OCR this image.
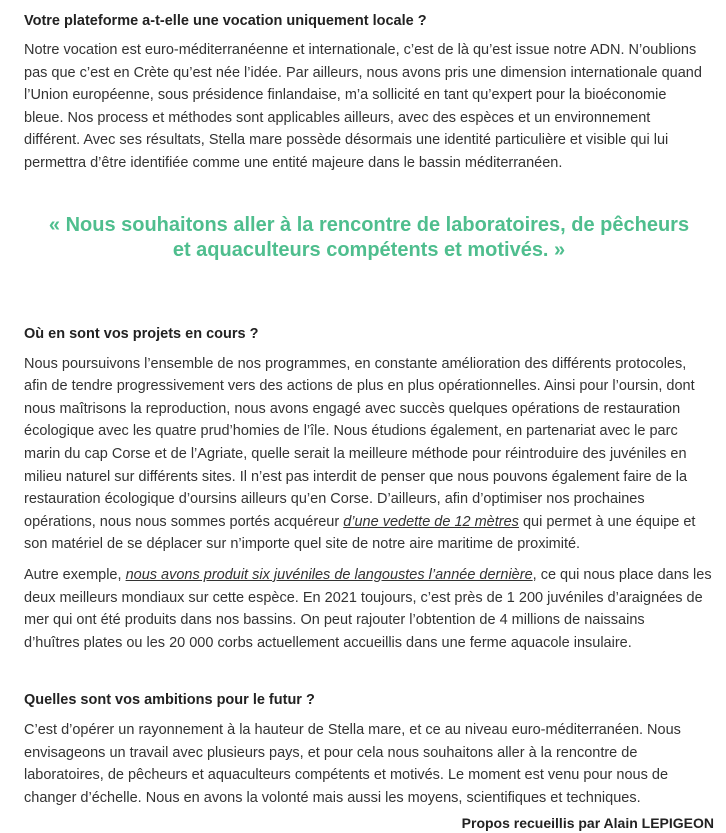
Votre plateforme a-t-elle une vocation uniquement locale ?

Notre vocation est euro-méditerranéenne et internationale, c’est de là qu’est issue notre ADN. N’oublions
pas que c’est en Crète qu’est née l’idée. Par ailleurs, nous avons pris une dimension internationale quand
l’Union européenne, sous présidence finlandaise, m’a sollicité en tant qu’expert pour la bioéconomie
bleue. Nos process et méthodes sont applicables ailleurs, avec des espèces et un environnement
différent. Avec ses résultats, Stella mare possède désormais une identité particulière et visible qui lui
permettra d’être identifiée comme une entité majeure dans le bassin méditerranéen.

« Nous souhaitons aller à la rencontre de laboratoires, de pêcheurs
et aquaculteurs compétents et motivés. »

Où en sont vos projets en cours ?

Nous poursuivons l’ensemble de nos programmes, en constante amélioration des différents protocoles,
afin de tendre progressivement vers des actions de plus en plus opérationnelles. Ainsi pour l’oursin, dont
nous maîtrisons la reproduction, nous avons engagé avec succès quelques opérations de restauration
écologique avec les quatre prud’homies de l’île. Nous étudions également, en partenariat avec le parc
marin du cap Corse et de l’Agriate, quelle serait la meilleure méthode pour réintroduire des juvéniles en
milieu naturel sur différents sites. Il n’est pas interdit de penser que nous pouvons également faire de la
restauration écologique d’oursins ailleurs qu’en Corse. D’ailleurs, afin d’optimiser nos prochaines
opérations, nous nous sommes portés acquéreur d’une vedette de 12 mètres qui permet à une équipe et
son matériel de se déplacer sur n’importe quel site de notre aire maritime de proximité.

Autre exemple, nous avons produit six juvéniles de langoustes l’année dernière, ce qui nous place dans les
deux meilleurs mondiaux sur cette espèce. En 2021 toujours, c’est près de 1 200 juvéniles d’araignées de
mer qui ont été produits dans nos bassins. On peut rajouter l’obtention de 4 millions de naissains
d’huîtres plates ou les 20 000 corbs actuellement accueillis dans une ferme aquacole insulaire.

Quelles sont vos ambitions pour le futur ?

C’est d’opérer un rayonnement à la hauteur de Stella mare, et ce au niveau euro-méditerranéen. Nous
envisageons un travail avec plusieurs pays, et pour cela nous souhaitons aller à la rencontre de
laboratoires, de pêcheurs et aquaculteurs compétents et motivés. Le moment est venu pour nous de
changer d’échelle. Nous en avons la volonté mais aussi les moyens, scientifiques et techniques.

Propos recueillis par Alain LEPIGEON
